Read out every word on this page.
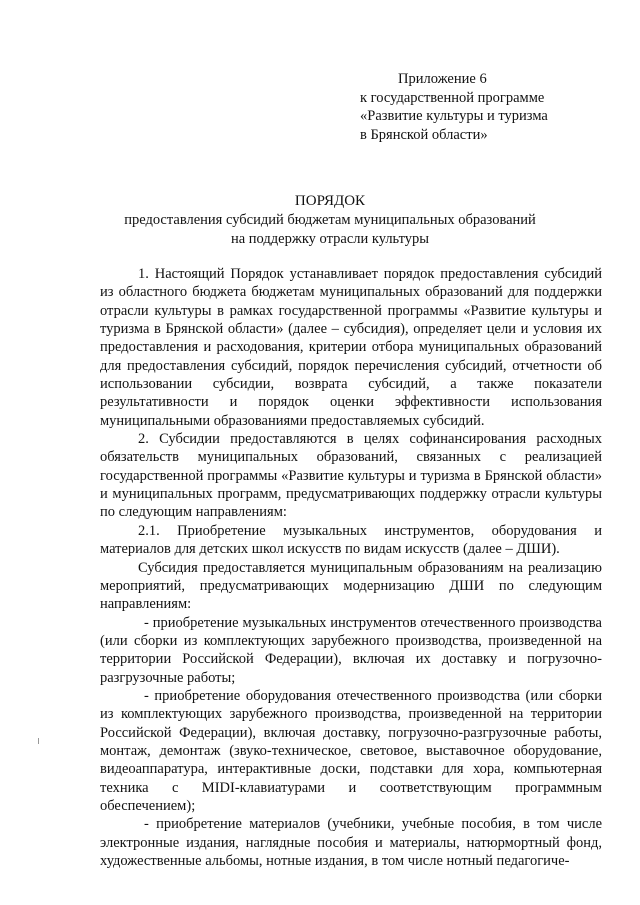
Приложение 6
к государственной программе
«Развитие культуры и туризма
в Брянской области»
ПОРЯДОК
предоставления субсидий бюджетам муниципальных образований
на поддержку отрасли культуры

1. Настоящий Порядок устанавливает порядок предоставления субсидий из областного бюджета бюджетам муниципальных образований для поддержки отрасли культуры в рамках государственной программы «Развитие культуры и туризма в Брянской области» (далее – субсидия), определяет цели и условия их предоставления и расходования, критерии отбора муниципальных образований для предоставления субсидий, порядок перечисления субсидий, отчетности об использовании субсидии, возврата субсидий, а также показатели результативности и порядок оценки эффективности использования муниципальными образованиями предоставляемых субсидий.

2. Субсидии предоставляются в целях софинансирования расходных обязательств муниципальных образований, связанных с реализацией государственной программы «Развитие культуры и туризма в Брянской области» и муниципальных программ, предусматривающих поддержку отрасли культуры по следующим направлениям:

2.1. Приобретение музыкальных инструментов, оборудования и материалов для детских школ искусств по видам искусств (далее – ДШИ).

Субсидия предоставляется муниципальным образованиям на реализацию мероприятий, предусматривающих модернизацию ДШИ по следующим направлениям:

- приобретение музыкальных инструментов отечественного производства (или сборки из комплектующих зарубежного производства, произведенной на территории Российской Федерации), включая их доставку и погрузочно-разгрузочные работы;

- приобретение оборудования отечественного производства (или сборки из комплектующих зарубежного производства, произведенной на территории Российской Федерации), включая доставку, погрузочно-разгрузочные работы, монтаж, демонтаж (звуко-техническое, световое, выставочное оборудование, видеоаппаратура, интерактивные доски, подставки для хора, компьютерная техника с MIDI-клавиатурами и соответствующим программным обеспечением);

- приобретение материалов (учебники, учебные пособия, в том числе электронные издания, наглядные пособия и материалы, натюрмортный фонд, художественные альбомы, нотные издания, в том числе нотный педагогиче-
